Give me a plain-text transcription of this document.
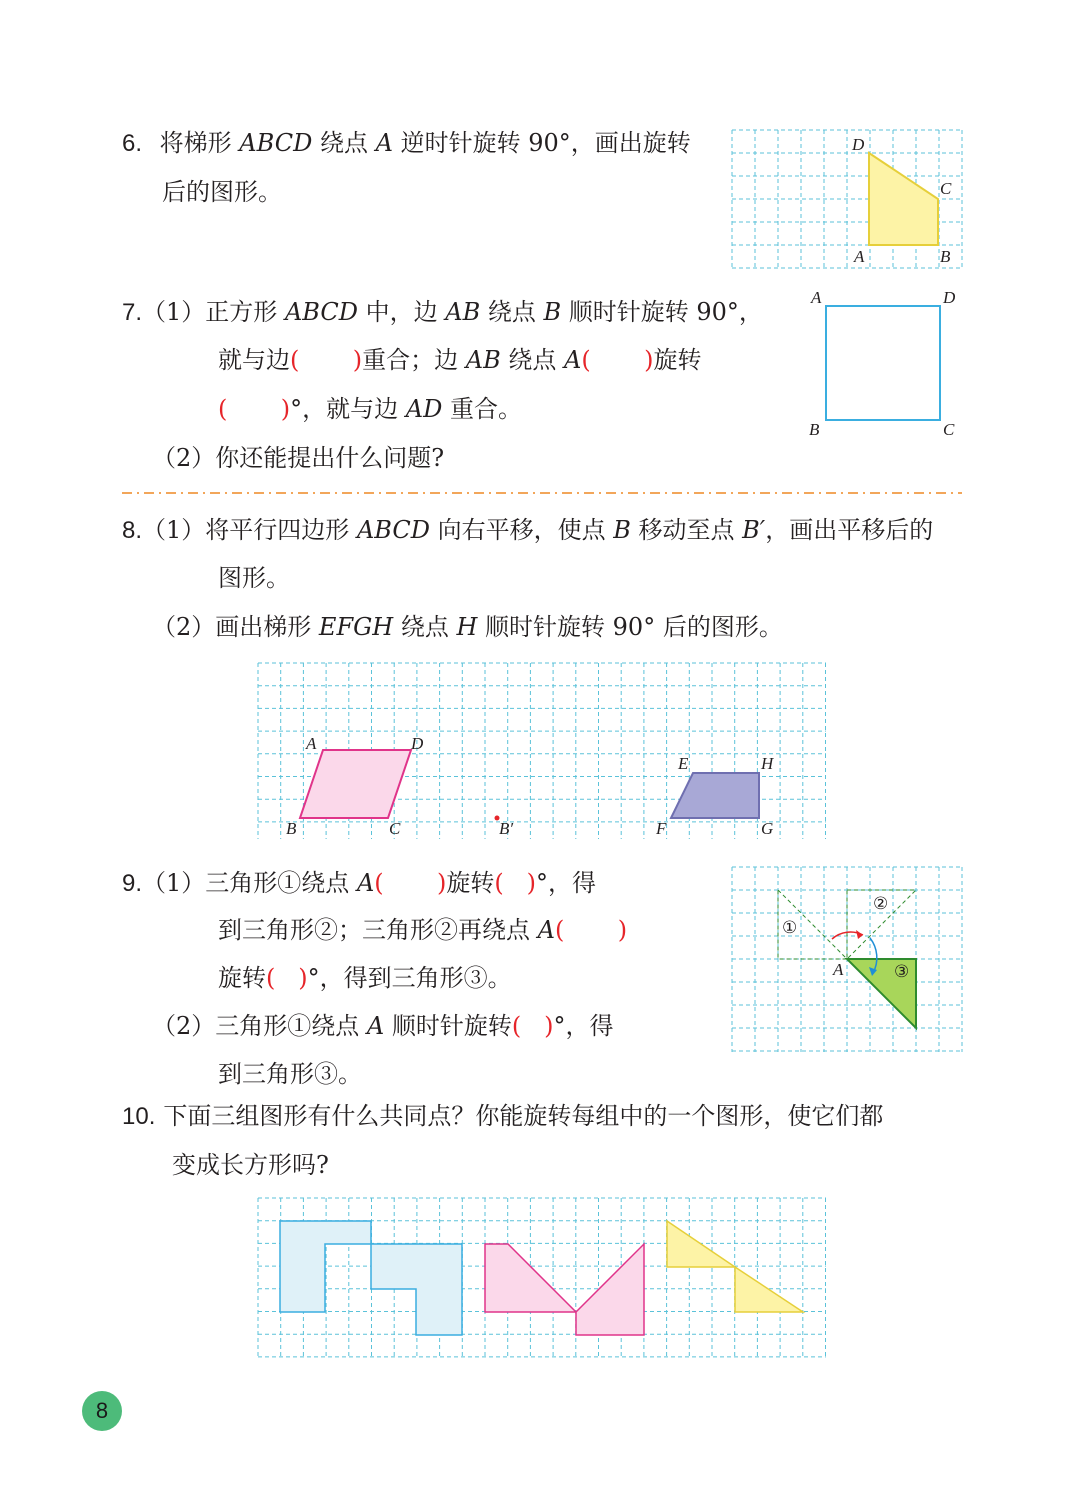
6. 将梯形 ABCD 绕点 A 逆时针旋转 90°，画出旋转
后的图形。
D
C
A	B
7.（1）正方形 ABCD 中，边 AB 绕点 B 顺时针旋转 90°，
就与边(       )重合；边 AB 绕点 A(       )旋转
(       )°，就与边 AD 重合。
（2）你还能提出什么问题?
A	D
B	C
8.（1）将平行四边形 ABCD 向右平移，使点 B 移动至点 B′，画出平移后的
图形。
（2）画出梯形 EFGH 绕点 H 顺时针旋转 90° 后的图形。
A	D
B	C	B′
E	H
F	G
9.（1）三角形①绕点 A(       )旋转(   )°，得
到三角形②；三角形②再绕点 A(       )
旋转(   )°，得到三角形③。
（2）三角形①绕点 A 顺时针旋转(   )°，得
到三角形③。
①
②
③
A
10. 下面三组图形有什么共同点？你能旋转每组中的一个图形，使它们都
变成长方形吗?
8
